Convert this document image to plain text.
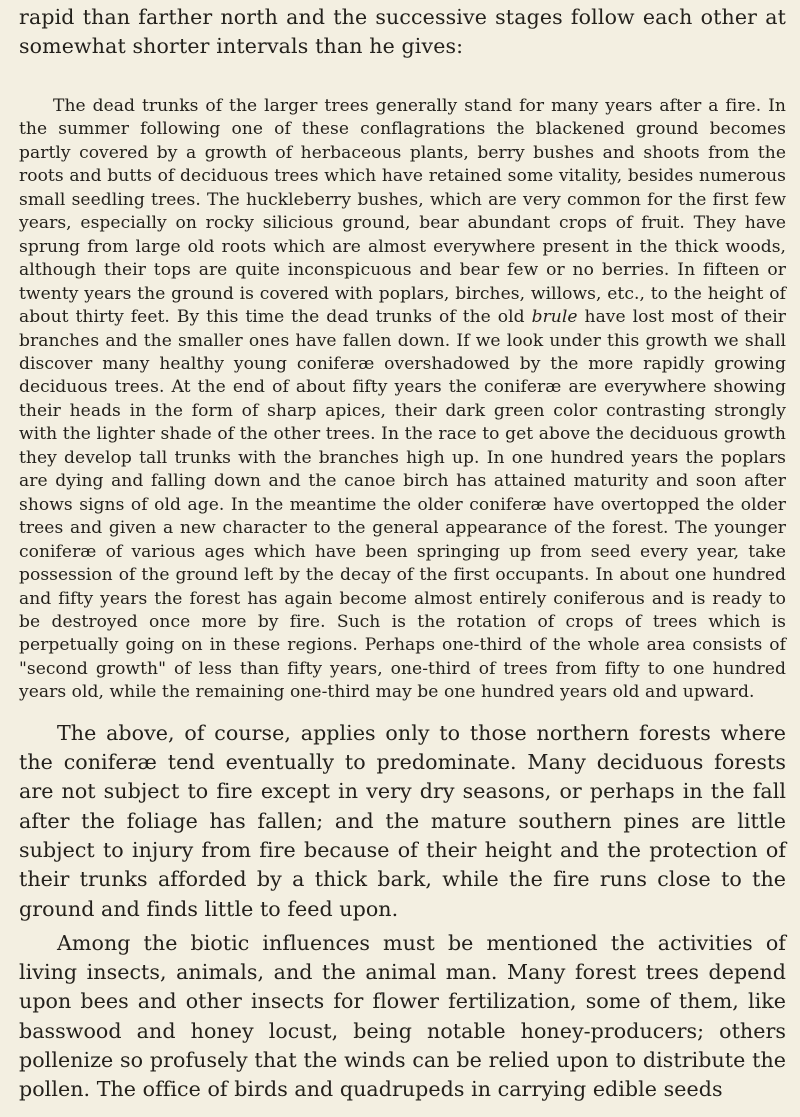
rapid than farther north and the successive stages follow each other at somewhat shorter intervals than he gives:

The dead trunks of the larger trees generally stand for many years after a fire. In the summer following one of these conflagrations the blackened ground becomes partly covered by a growth of herbaceous plants, berry bushes and shoots from the roots and butts of deciduous trees which have retained some vitality, besides numerous small seedling trees. The huckleberry bushes, which are very common for the first few years, especially on rocky silicious ground, bear abundant crops of fruit. They have sprung from large old roots which are almost everywhere present in the thick woods, although their tops are quite inconspicuous and bear few or no berries. In fifteen or twenty years the ground is covered with poplars, birches, willows, etc., to the height of about thirty feet. By this time the dead trunks of the old brule have lost most of their branches and the smaller ones have fallen down. If we look under this growth we shall discover many healthy young coniferæ overshadowed by the more rapidly growing deciduous trees. At the end of about fifty years the coniferæ are everywhere showing their heads in the form of sharp apices, their dark green color contrasting strongly with the lighter shade of the other trees. In the race to get above the deciduous growth they develop tall trunks with the branches high up. In one hundred years the poplars are dying and falling down and the canoe birch has attained maturity and soon after shows signs of old age. In the meantime the older coniferæ have overtopped the older trees and given a new character to the general appearance of the forest. The younger coniferæ of various ages which have been springing up from seed every year, take possession of the ground left by the decay of the first occupants. In about one hundred and fifty years the forest has again become almost entirely coniferous and is ready to be destroyed once more by fire. Such is the rotation of crops of trees which is perpetually going on in these regions. Perhaps one-third of the whole area consists of "second growth" of less than fifty years, one-third of trees from fifty to one hundred years old, while the remaining one-third may be one hundred years old and upward.

The above, of course, applies only to those northern forests where the coniferæ tend eventually to predominate. Many deciduous forests are not subject to fire except in very dry seasons, or perhaps in the fall after the foliage has fallen; and the mature southern pines are little subject to injury from fire because of their height and the protection of their trunks afforded by a thick bark, while the fire runs close to the ground and finds little to feed upon.

Among the biotic influences must be mentioned the activities of living insects, animals, and the animal man. Many forest trees depend upon bees and other insects for flower fertilization, some of them, like basswood and honey locust, being notable honey-producers; others pollenize so profusely that the winds can be relied upon to distribute the pollen. The office of birds and quadrupeds in carrying edible seeds
